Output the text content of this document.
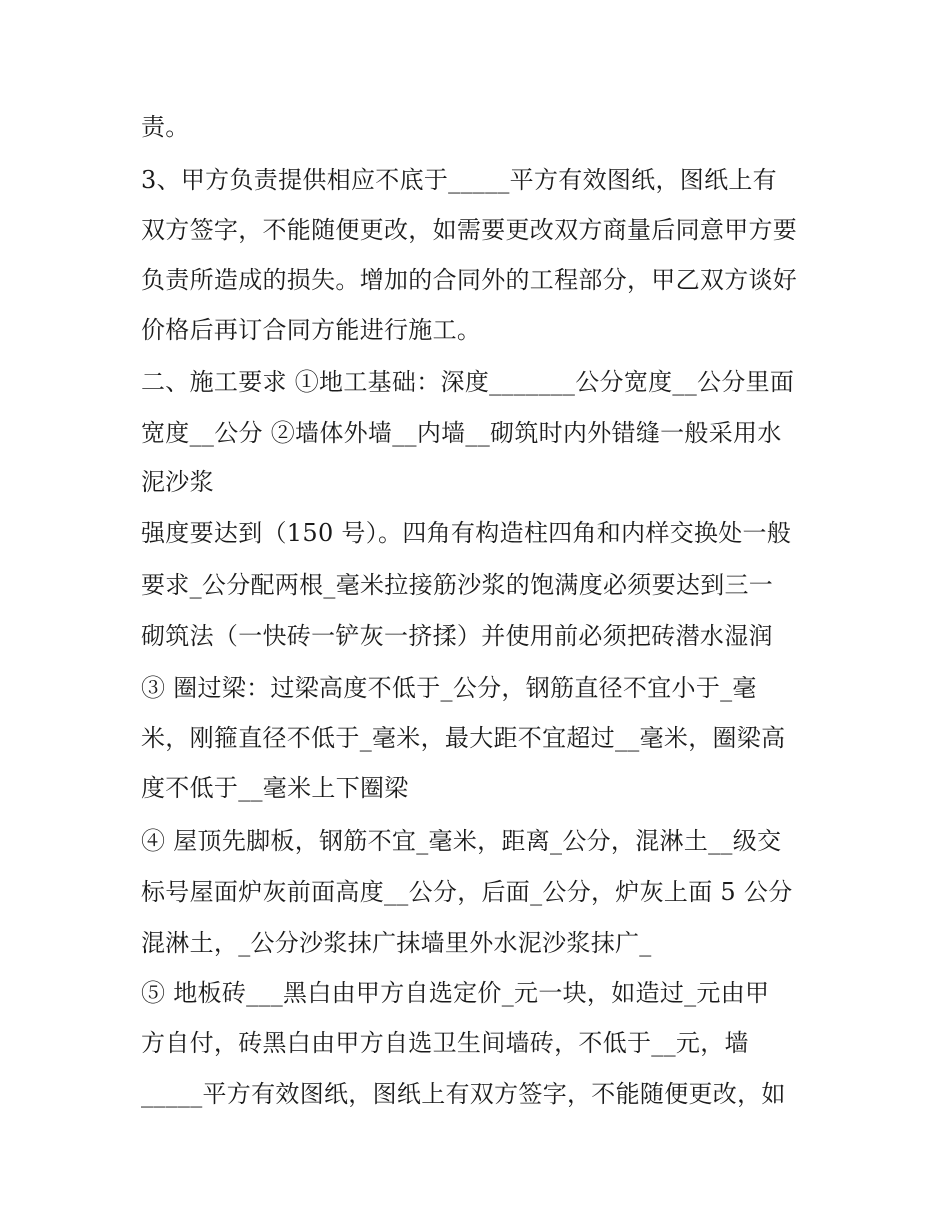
责。
3、甲方负责提供相应不底于_____平方有效图纸，图纸上有
双方签字，不能随便更改，如需要更改双方商量后同意甲方要
负责所造成的损失。增加的合同外的工程部分，甲乙双方谈好
价格后再订合同方能进行施工。
二、施工要求 ①地工基础：深度_______公分宽度__公分里面
宽度__公分 ②墙体外墙__内墙__砌筑时内外错缝一般采用水
泥沙浆
强度要达到（150 号）。四角有构造柱四角和内样交换处一般
要求_公分配两根_毫米拉接筋沙浆的饱满度必须要达到三一
砌筑法（一快砖一铲灰一挤揉）并使用前必须把砖潜水湿润
③ 圈过梁：过梁高度不低于_公分，钢筋直径不宜小于_毫
米，刚箍直径不低于_毫米，最大距不宜超过__毫米，圈梁高
度不低于__毫米上下圈梁
④ 屋顶先脚板，钢筋不宜_毫米，距离_公分，混淋土__级交
标号屋面炉灰前面高度__公分，后面_公分，炉灰上面 5 公分
混淋土，_公分沙浆抹广抹墙里外水泥沙浆抹广_
⑤ 地板砖___黑白由甲方自选定价_元一块，如造过_元由甲
方自付，砖黑白由甲方自选卫生间墙砖，不低于__元，墙
_____平方有效图纸，图纸上有双方签字，不能随便更改，如
